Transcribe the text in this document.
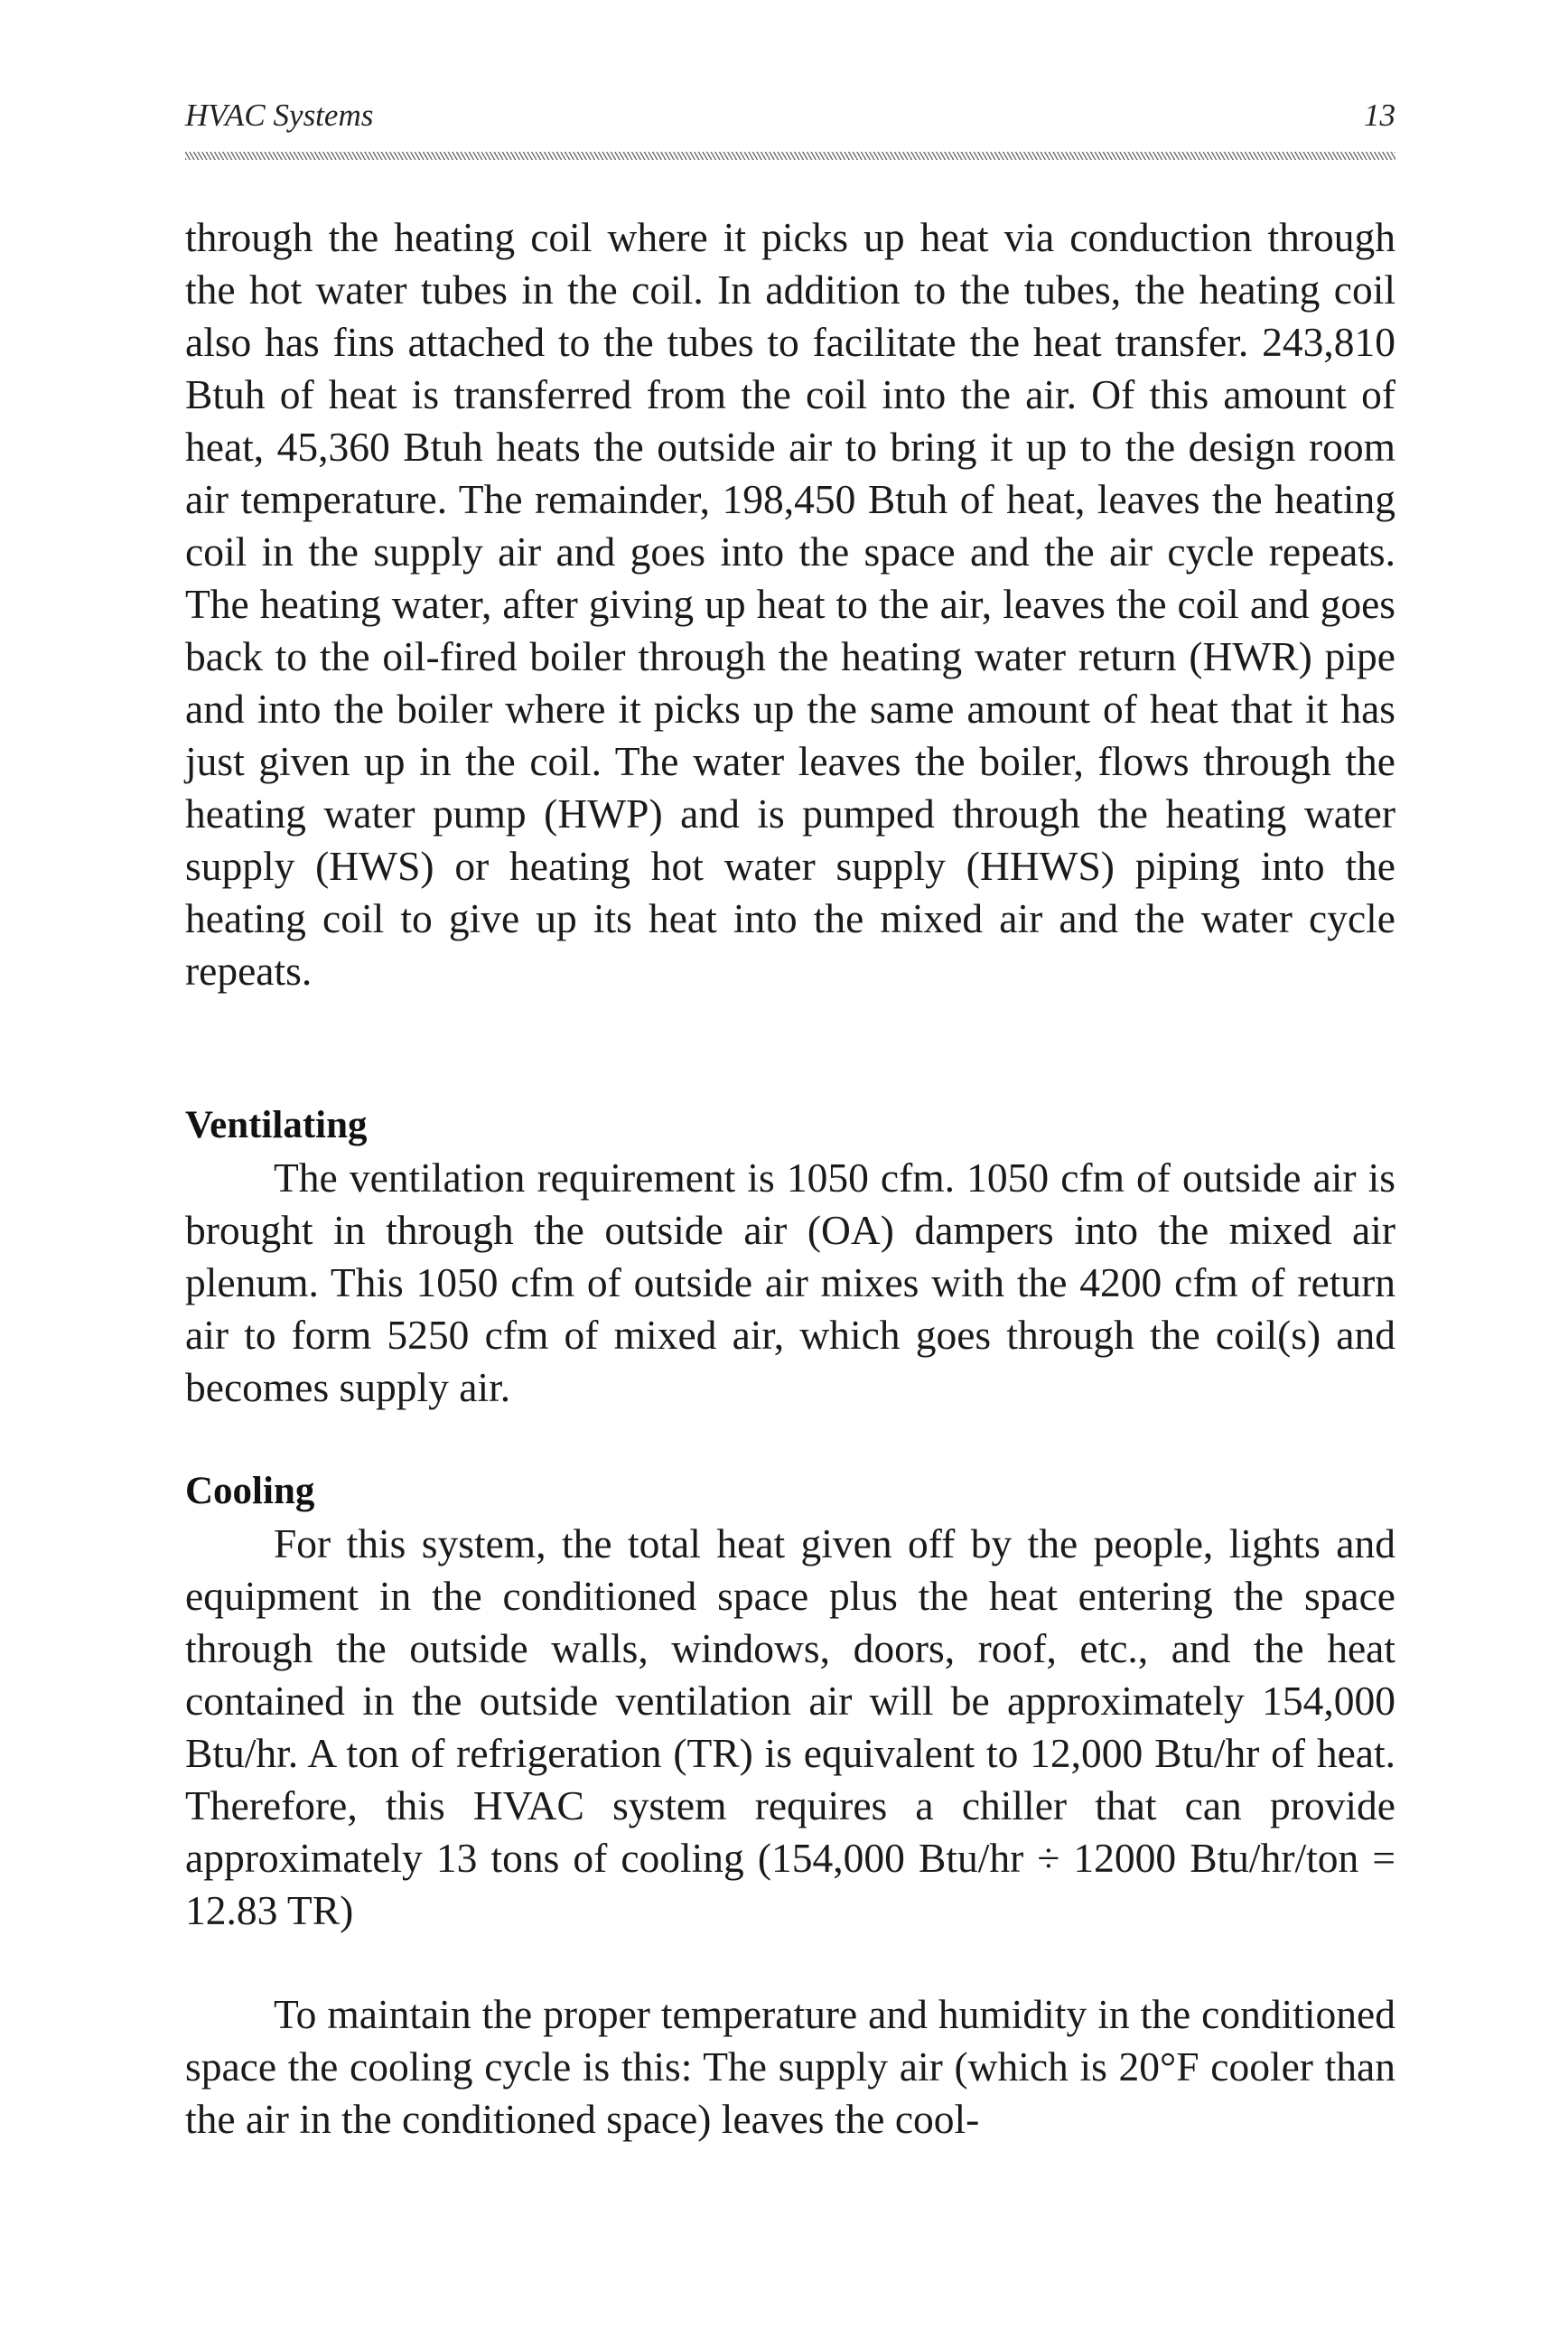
HVAC Systems	13

through the heating coil where it picks up heat via conduction through the hot water tubes in the coil. In addition to the tubes, the heating coil also has fins attached to the tubes to facilitate the heat transfer. 243,810 Btuh of heat is transferred from the coil into the air. Of this amount of heat, 45,360 Btuh heats the outside air to bring it up to the design room air temperature. The remainder, 198,450 Btuh of heat, leaves the heating coil in the supply air and goes into the space and the air cycle repeats. The heating water, after giving up heat to the air, leaves the coil and goes back to the oil-fired boiler through the heating water return (HWR) pipe and into the boiler where it picks up the same amount of heat that it has just given up in the coil. The water leaves the boiler, flows through the heating water pump (HWP) and is pumped through the heating water supply (HWS) or heating hot water supply (HHWS) piping into the heating coil to give up its heat into the mixed air and the water cycle repeats.

Ventilating

The ventilation requirement is 1050 cfm. 1050 cfm of outside air is brought in through the outside air (OA) dampers into the mixed air plenum. This 1050 cfm of outside air mixes with the 4200 cfm of return air to form 5250 cfm of mixed air, which goes through the coil(s) and becomes supply air.

Cooling

For this system, the total heat given off by the people, lights and equipment in the conditioned space plus the heat entering the space through the outside walls, windows, doors, roof, etc., and the heat contained in the outside ventilation air will be approximately 154,000 Btu/hr. A ton of refrigeration (TR) is equivalent to 12,000 Btu/hr of heat. Therefore, this HVAC system requires a chiller that can provide approximately 13 tons of cooling (154,000 Btu/hr ÷ 12000 Btu/hr/ton = 12.83 TR)

To maintain the proper temperature and humidity in the conditioned space the cooling cycle is this: The supply air (which is 20°F cooler than the air in the conditioned space) leaves the cool-
